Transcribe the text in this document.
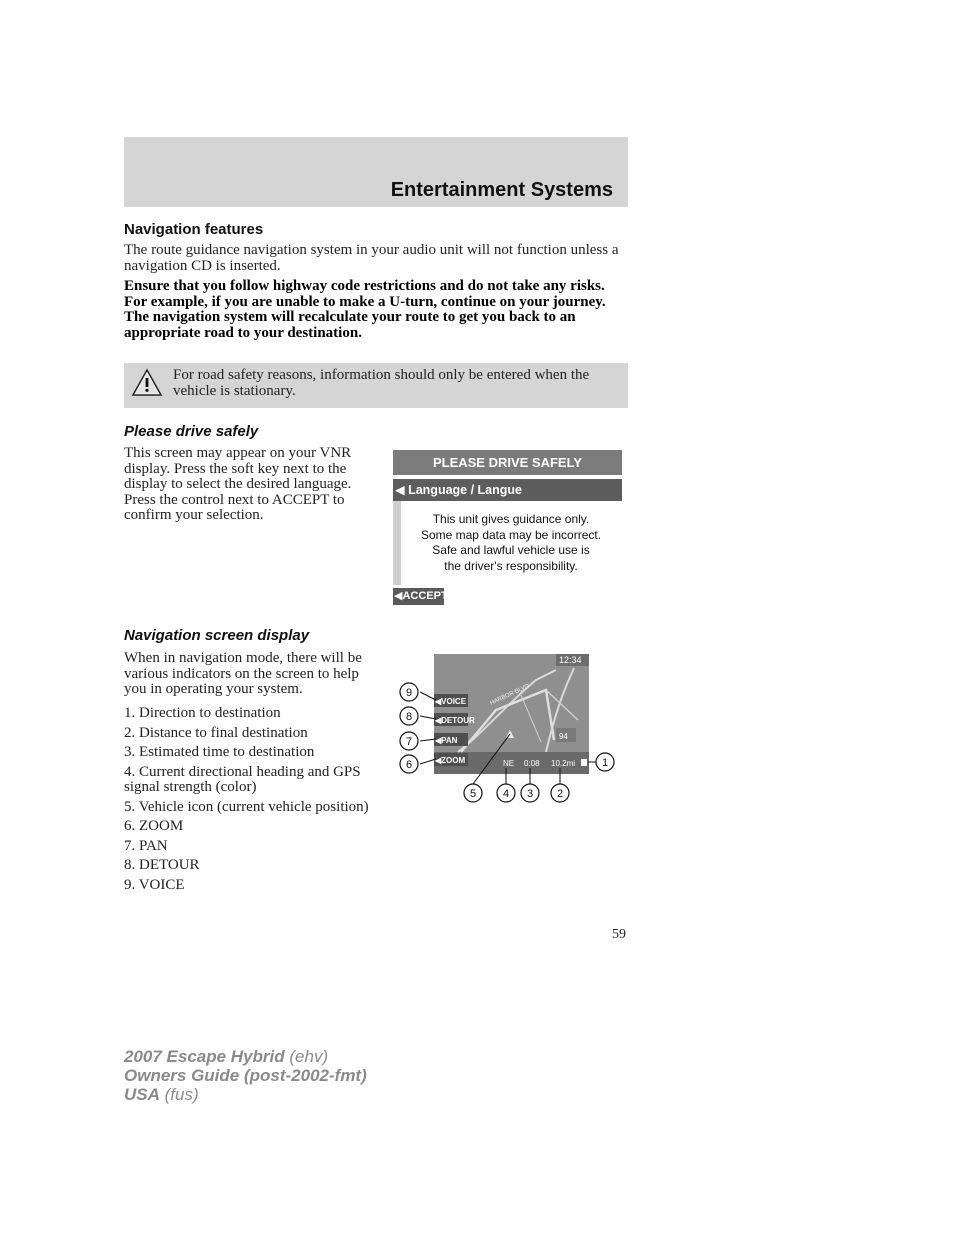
Entertainment Systems
Navigation features
The route guidance navigation system in your audio unit will not function unless a navigation CD is inserted.
Ensure that you follow highway code restrictions and do not take any risks. For example, if you are unable to make a U-turn, continue on your journey. The navigation system will recalculate your route to get you back to an appropriate road to your destination.
For road safety reasons, information should only be entered when the vehicle is stationary.
Please drive safely
This screen may appear on your VNR display. Press the soft key next to the display to select the desired language. Press the control next to ACCEPT to confirm your selection.
PLEASE DRIVE SAFELY
◀ Language / Langue
This unit gives guidance only.
Some map data may be incorrect.
Safe and lawful vehicle use is
the driver's responsibility.
◀ACCEPT
Navigation screen display
When in navigation mode, there will be various indicators on the screen to help you in operating your system.
1. Direction to destination
2. Distance to final destination
3. Estimated time to destination
4. Current directional heading and GPS signal strength (color)
5. Vehicle icon (current vehicle position)
6. ZOOM
7. PAN
8. DETOUR
9. VOICE
94
HARBOR BLVD
12:34
◀VOICE
◀DETOUR
◀PAN
◀ZOOM	NE 0:08 10.2mi
9
8
7
6	1
5 4 3 2
59
2007 Escape Hybrid (ehv)
Owners Guide (post-2002-fmt)
USA (fus)
